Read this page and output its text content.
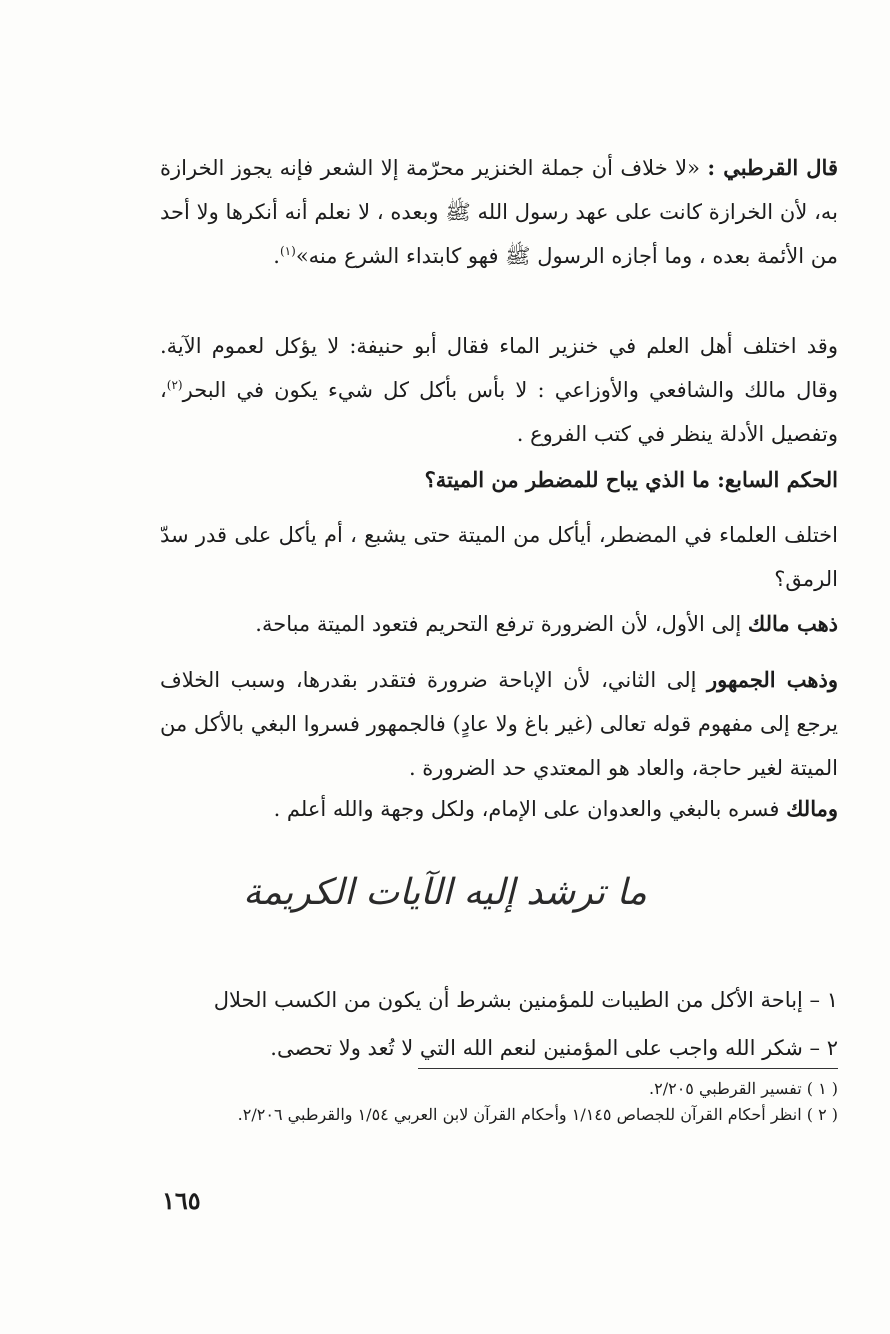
قال القرطبي : «لا خلاف أن جملة الخنزير محرّمة إلا الشعر فإنه يجوز الخرازة به، لأن الخرازة كانت على عهد رسول الله ﷺ وبعده ، لا نعلم أنه أنكرها ولا أحد من الأئمة بعده ، وما أجازه الرسول ﷺ فهو كابتداء الشرع منه»$^{(١)}$.

وقد اختلف أهل العلم في خنزير الماء فقال أبو حنيفة: لا يؤكل لعموم الآية. وقال مالك والشافعي والأوزاعي : لا بأس بأكل كل شيء يكون في البحر$^{(٢)}$، وتفصيل الأدلة ينظر في كتب الفروع .

الحكم السابع: ما الذي يباح للمضطر من الميتة؟

اختلف العلماء في المضطر، أيأكل من الميتة حتى يشبع ، أم يأكل على قدر سدّ الرمق؟

ذهب مالك إلى الأول، لأن الضرورة ترفع التحريم فتعود الميتة مباحة.

وذهب الجمهور إلى الثاني، لأن الإباحة ضرورة فتقدر بقدرها، وسبب الخلاف يرجع إلى مفهوم قوله تعالى (غير باغ ولا عادٍ) فالجمهور فسروا البغي بالأكل من الميتة لغير حاجة، والعاد هو المعتدي حد الضرورة .

ومالك فسره بالبغي والعدوان على الإمام، ولكل وجهة والله أعلم .

ما ترشد إليه الآيات الكريمة

١ – إباحة الأكل من الطيبات للمؤمنين بشرط أن يكون من الكسب الحلال

٢ – شكر الله واجب على المؤمنين لنعم الله التي لا تُعد ولا تحصى.

( ١ ) تفسير القرطبي ٢/٢٠٥.

( ٢ ) انظر أحكام القرآن للجصاص ١/١٤٥ وأحكام القرآن لابن العربي ١/٥٤ والقرطبي ٢/٢٠٦.

١٦٥
